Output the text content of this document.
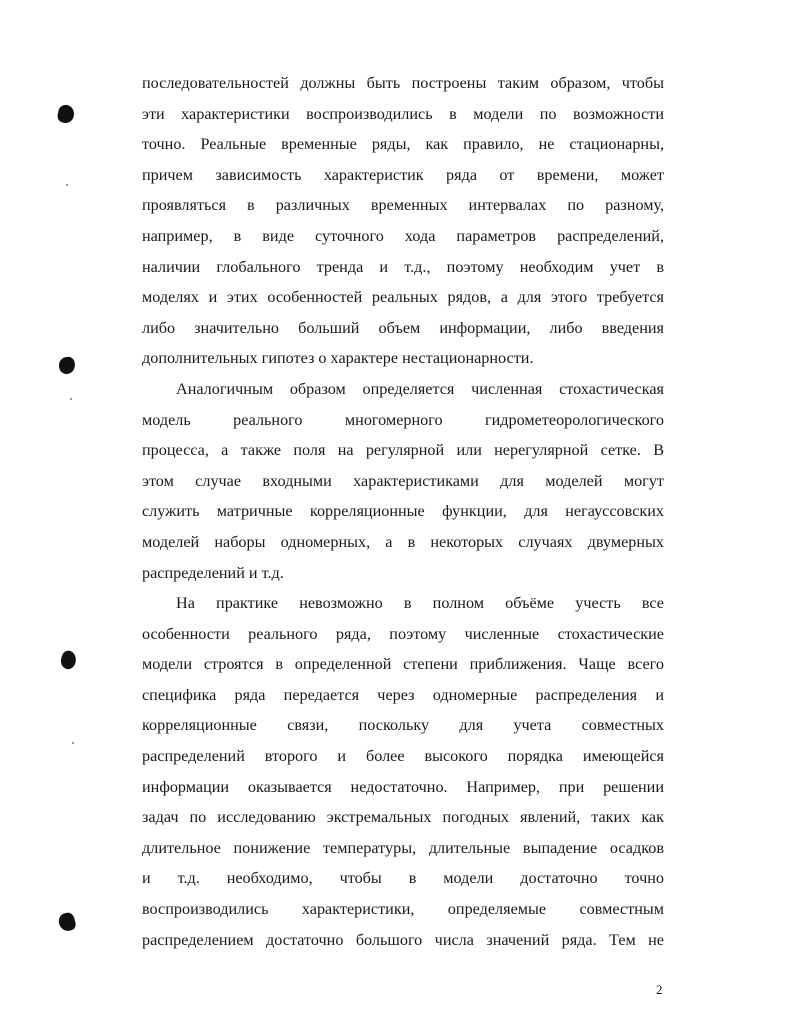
последовательностей должны быть построены таким образом, чтобы
эти характеристики воспроизводились в модели по возможности
точно. Реальные временные ряды, как правило, не стационарны,
причем зависимость характеристик ряда от времени, может
проявляться в различных временных интервалах по разному,
например, в виде суточного хода параметров распределений,
наличии глобального тренда и т.д., поэтому необходим учет в
моделях и этих особенностей реальных рядов, а для этого требуется
либо значительно больший объем информации, либо введения
дополнительных гипотез о характере нестационарности.
Аналогичным образом определяется численная стохастическая
модель реального многомерного гидрометеорологического
процесса, а также поля на регулярной или нерегулярной сетке. В
этом случае входными характеристиками для моделей могут
служить матричные корреляционные функции, для негауссовских
моделей наборы одномерных, а в некоторых случаях двумерных
распределений и т.д.
На практике невозможно в полном объёме учесть все
особенности реального ряда, поэтому численные стохастические
модели строятся в определенной степени приближения. Чаще всего
специфика ряда передается через одномерные распределения и
корреляционные связи, поскольку для учета совместных
распределений второго и более высокого порядка имеющейся
информации оказывается недостаточно. Например, при решении
задач по исследованию экстремальных погодных явлений, таких как
длительное понижение температуры, длительные выпадение осадков
и т.д. необходимо, чтобы в модели достаточно точно
воспроизводились характеристики, определяемые совместным
распределением достаточно большого числа значений ряда. Тем не
2
